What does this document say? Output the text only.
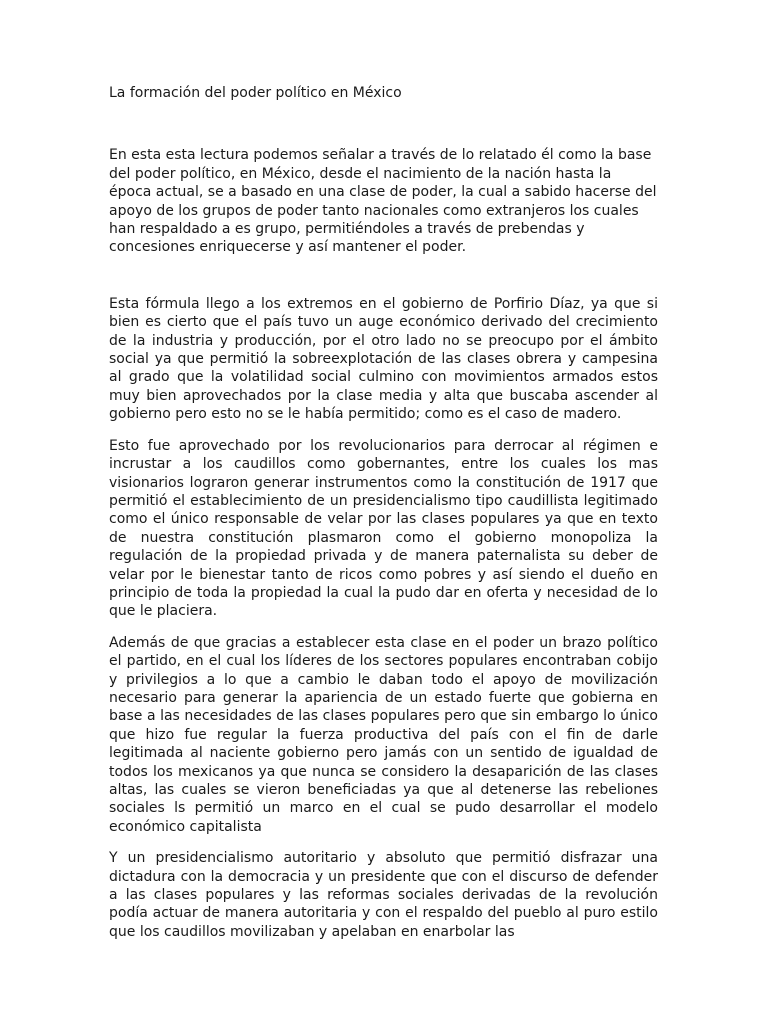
La formación del poder político en México

En esta esta lectura podemos señalar a través de lo relatado él como la base del poder político, en México, desde el nacimiento de la nación hasta la época actual, se a basado en una clase de poder, la cual a sabido hacerse del apoyo de los grupos de poder tanto nacionales como extranjeros los cuales han respaldado a es grupo, permitiéndoles a través de prebendas y concesiones enriquecerse y así mantener el poder.

Esta fórmula llego a los extremos en el gobierno de Porfirio Díaz, ya que si bien es cierto que el país tuvo un auge económico derivado del crecimiento de la industria y producción, por el otro lado no se preocupo por el ámbito social ya que permitió la sobreexplotación de las clases obrera y campesina al grado que la volatilidad social culmino con movimientos armados estos muy bien aprovechados por la clase media y alta que buscaba ascender al gobierno pero esto no se le había permitido; como es el caso de madero.

Esto fue aprovechado por los revolucionarios para derrocar al régimen e incrustar a los caudillos como gobernantes, entre los cuales los mas visionarios lograron generar instrumentos como la constitución de 1917 que permitió el establecimiento de un presidencialismo tipo caudillista legitimado como el único responsable de velar por las clases populares ya que en texto de nuestra constitución plasmaron como el gobierno monopoliza la regulación de la propiedad privada y de manera paternalista su deber de velar por le bienestar tanto de ricos como pobres y así siendo el dueño en principio de toda la propiedad la cual la pudo dar en oferta y necesidad de lo que le placiera.

Además de que gracias a establecer esta clase en el poder un brazo político el partido, en el cual los líderes de los sectores populares encontraban cobijo y privilegios a lo que a cambio le daban todo el apoyo de movilización necesario para generar la apariencia de un estado fuerte que gobierna en base a las necesidades de las clases populares pero que sin embargo lo único que hizo fue regular la fuerza productiva del país con el fin de darle legitimada al naciente gobierno pero jamás con un sentido de igualdad de todos los mexicanos ya que nunca se considero la desaparición de las clases altas, las cuales se vieron beneficiadas ya que al detenerse las rebeliones sociales ls permitió un marco en el cual se pudo desarrollar el modelo económico capitalista

Y un presidencialismo autoritario y absoluto que permitió disfrazar una dictadura con la democracia y un presidente que con el discurso de defender a las clases populares y las reformas sociales derivadas de la revolución podía actuar de manera autoritaria y con el respaldo del pueblo al puro estilo que los caudillos movilizaban y apelaban en enarbolar las
